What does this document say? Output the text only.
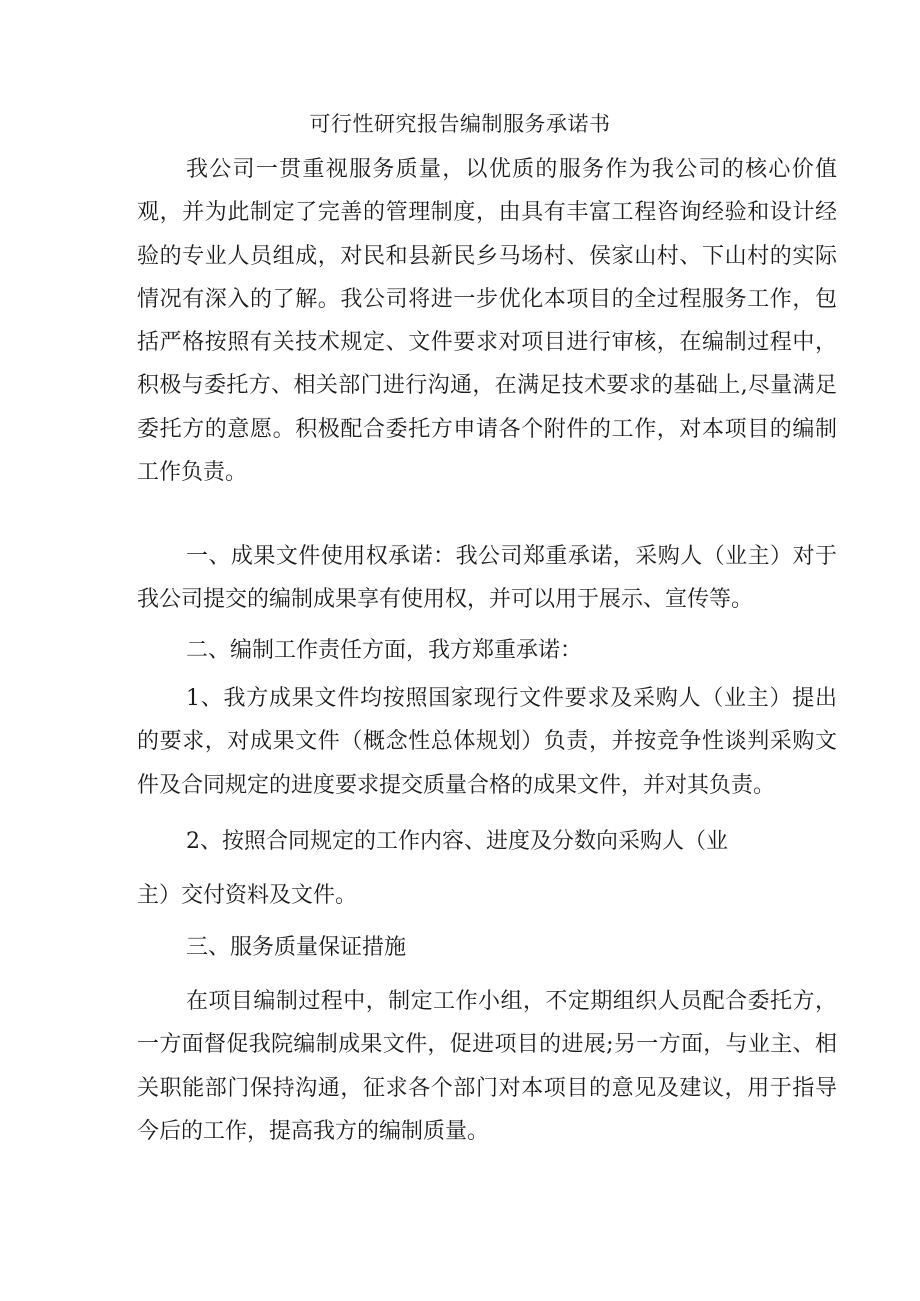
可行性研究报告编制服务承诺书

我公司一贯重视服务质量，以优质的服务作为我公司的核心价值观，并为此制定了完善的管理制度，由具有丰富工程咨询经验和设计经验的专业人员组成，对民和县新民乡马场村、侯家山村、下山村的实际情况有深入的了解。我公司将进一步优化本项目的全过程服务工作，包括严格按照有关技术规定、文件要求对项目进行审核，在编制过程中，积极与委托方、相关部门进行沟通，在满足技术要求的基础上,尽量满足委托方的意愿。积极配合委托方申请各个附件的工作，对本项目的编制工作负责。

一、成果文件使用权承诺：我公司郑重承诺，采购人（业主）对于我公司提交的编制成果享有使用权，并可以用于展示、宣传等。

二、编制工作责任方面，我方郑重承诺：

1、我方成果文件均按照国家现行文件要求及采购人（业主）提出的要求，对成果文件（概念性总体规划）负责，并按竞争性谈判采购文件及合同规定的进度要求提交质量合格的成果文件，并对其负责。

2、按照合同规定的工作内容、进度及分数向采购人（业
主）交付资料及文件。
三、服务质量保证措施

在项目编制过程中，制定工作小组，不定期组织人员配合委托方，一方面督促我院编制成果文件，促进项目的进展;另一方面，与业主、相关职能部门保持沟通，征求各个部门对本项目的意见及建议，用于指导今后的工作，提高我方的编制质量。
